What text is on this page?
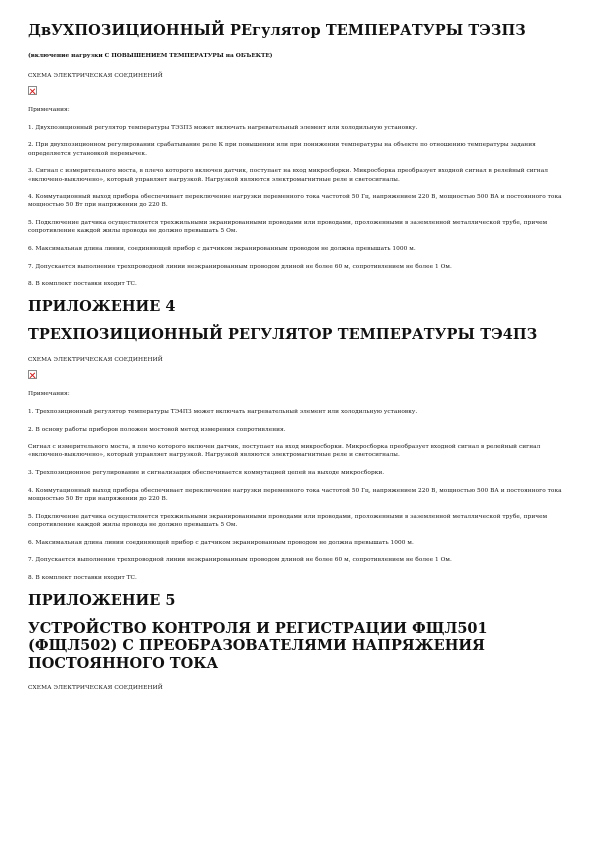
ДвУХПОЗИЦИОННЫЙ РЕгулятор ТЕМПЕРАТУРЫ ТЭЗПЗ
(включение нагрузки С ПОВЫШЕНИЕМ ТЕМПЕРАТУРЫ на ОБЪЕКТЕ)
СХЕМА ЭЛЕКТРИЧЕСКАЯ СОЕДИНЕНИЙ
Примечания:
1. Двухпозиционный регулятор температуры ТЭЗПЗ может включать нагревательный элемент или холодильную установку.
2. При двухпозиционном регулировании срабатывание реле К при повышении или при понижении температуры на объекте по отношению температуры задания определяется установкой перемычек.
3. Сигнал с измерительного моста, в плечо которого включен датчик, поступает на вход микросборки. Микросборка преобразует входной сигнал в релейный сигнал «включено-выключено», который управляет нагрузкой. Нагрузкой являются электромагнитные реле и светосигналы.
4. Коммутационный выход прибора обеспечивает переключение нагрузки переменного тока частотой 50 Гц, напряжением 220 В, мощностью 500 ВА и постоянного тока мощностью 50 Вт при напряжении до 220 В.
5. Подключение датчика осуществляется трехжильными экранированными проводами или проводами, проложенными в заземленной металлической трубе, причем сопротивление каждой жилы провода не должно превышать 5 Ом.
6. Максимальная длина линии, соединяющей прибор с датчиком экранированным проводом не должна превышать 1000 м.
7. Допускается выполнение трехпроводной линии неэкранированным проводом длиной не более 60 м, сопротивлением не более 1 Ом.
8. В комплект поставки входит ТС.
ПРИЛОЖЕНИЕ 4
ТРЕХПОЗИЦИОННЫЙ РЕГУЛЯТОР ТЕМПЕРАТУРЫ ТЭ4ПЗ
СХЕМА ЭЛЕКТРИЧЕСКАЯ СОЕДИНЕНИЙ
Примечания:
1. Трехпозиционный регулятор температуры ТЭ4ПЗ может включать нагревательный элемент или холодильную установку.
2. В основу работы приборов положен мостовой метод измерения сопротивления.
Сигнал с измерительного моста, в плечо которого включен датчик, поступает на вход микросборки. Микросборка преобразует входной сигнал в релейный сигнал «включено-выключено», который управляет нагрузкой. Нагрузкой являются электромагнитные реле и светосигналы.
3. Трехпозиционное регулирование и сигнализация обеспечивается коммутацией цепей на выходе микросборки.
4. Коммутационный выход прибора обеспечивает переключение нагрузки переменного тока частотой 50 Гц, напряжением 220 В, мощностью 500 ВА и постоянного тока мощностью 50 Вт при напряжении до 220 В.
5. Подключение датчика осуществляется трехжильными экранированными проводами или проводами, проложенными в заземленной металлической трубе, причем сопротивление каждой жилы провода не должно превышать 5 Ом.
6. Максимальная длина линии соединяющей прибор с датчиком экранированным проводом не должна превышать 1000 м.
7. Допускается выполнение трехпроводной линии неэкранированным проводом длиной не более 60 м, сопротивлением не более 1 Ом.
8. В комплект поставки входит ТС.
ПРИЛОЖЕНИЕ 5
УСТРОЙСТВО КОНТРОЛЯ И РЕГИСТРАЦИИ ФЩЛ501 (ФЩЛ502) С ПРЕОБРАЗОВАТЕЛЯМИ НАПРЯЖЕНИЯ ПОСТОЯННОГО ТОКА
СХЕМА ЭЛЕКТРИЧЕСКАЯ СОЕДИНЕНИЙ
